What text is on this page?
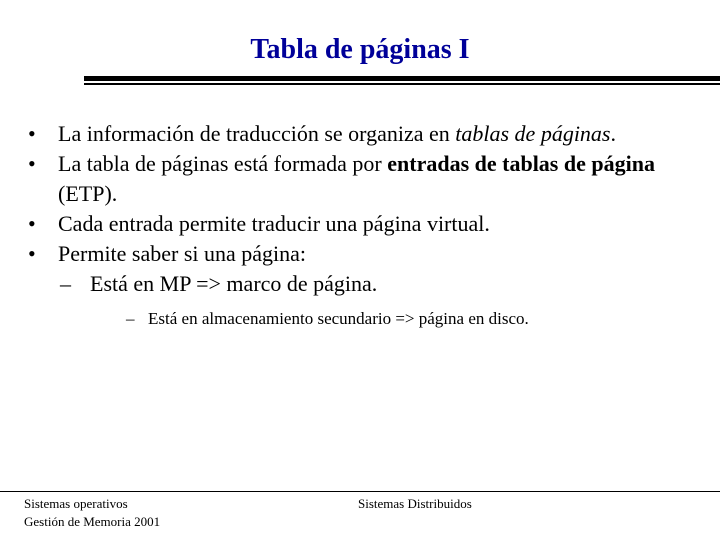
Tabla de páginas I
•	La información de traducción se organiza en tablas de páginas.
•	La tabla de páginas está formada por entradas de tablas de página (ETP).
•	Cada entrada permite traducir una página virtual.
•	Permite saber si una página:
– Está en MP => marco de página.
– Está en almacenamiento secundario => página en disco.
Sistemas operativos
Gestión de Memoria 2001
Sistemas Distribuidos
